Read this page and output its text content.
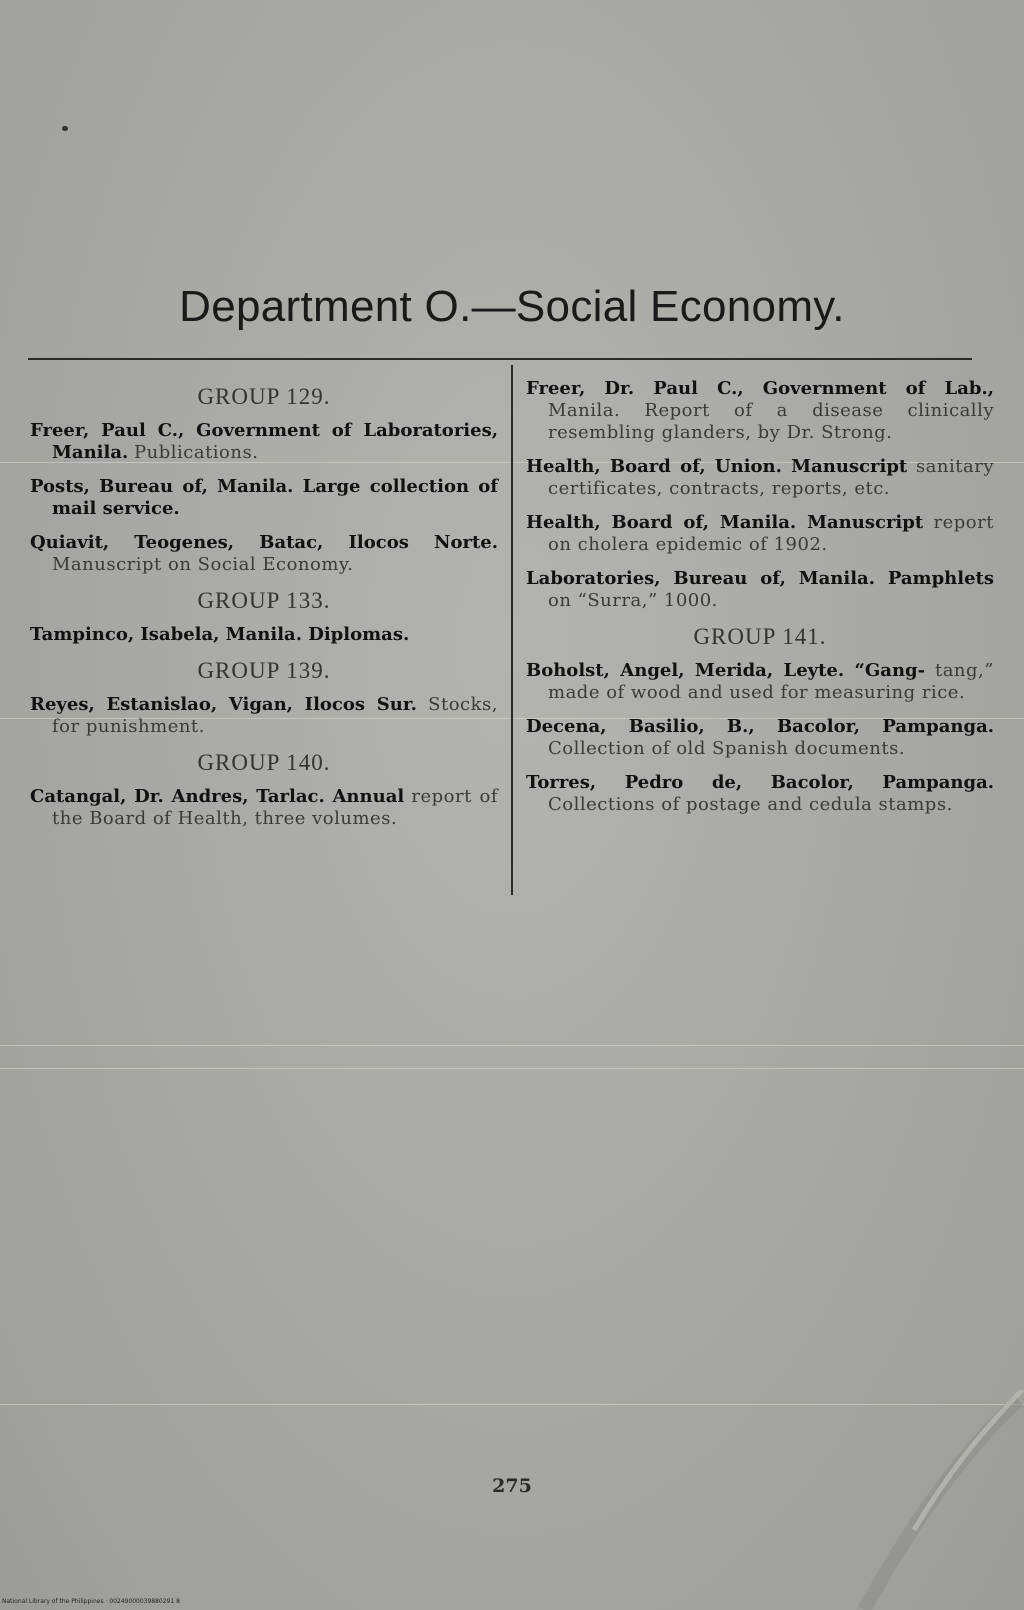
Department O.—Social Economy.
GROUP 129.
Freer, Paul C., Government of Laboratories, Manila. Publications.
Posts, Bureau of, Manila. Large collection of mail service.
Quiavit, Teogenes, Batac, Ilocos Norte. Manuscript on Social Economy.
GROUP 133.
Tampinco, Isabela, Manila. Diplomas.
GROUP 139.
Reyes, Estanislao, Vigan, Ilocos Sur. Stocks, for punishment.
GROUP 140.
Catangal, Dr. Andres, Tarlac. Annual report of the Board of Health, three volumes.
Freer, Dr. Paul C., Government of Lab., Manila. Report of a disease clinically resembling glanders, by Dr. Strong.
Health, Board of, Union. Manuscript sanitary certificates, contracts, reports, etc.
Health, Board of, Manila. Manuscript report on cholera epidemic of 1902.
Laboratories, Bureau of, Manila. Pamphlets on “Surra,” 1000.
GROUP 141.
Boholst, Angel, Merida, Leyte. “Gang- tang,” made of wood and used for measuring rice.
Decena, Basilio, B., Bacolor, Pampanga. Collection of old Spanish documents.
Torres, Pedro de, Bacolor, Pampanga. Collections of postage and cedula stamps.
275
National Library of the Philippines · 00249000039880291 8
